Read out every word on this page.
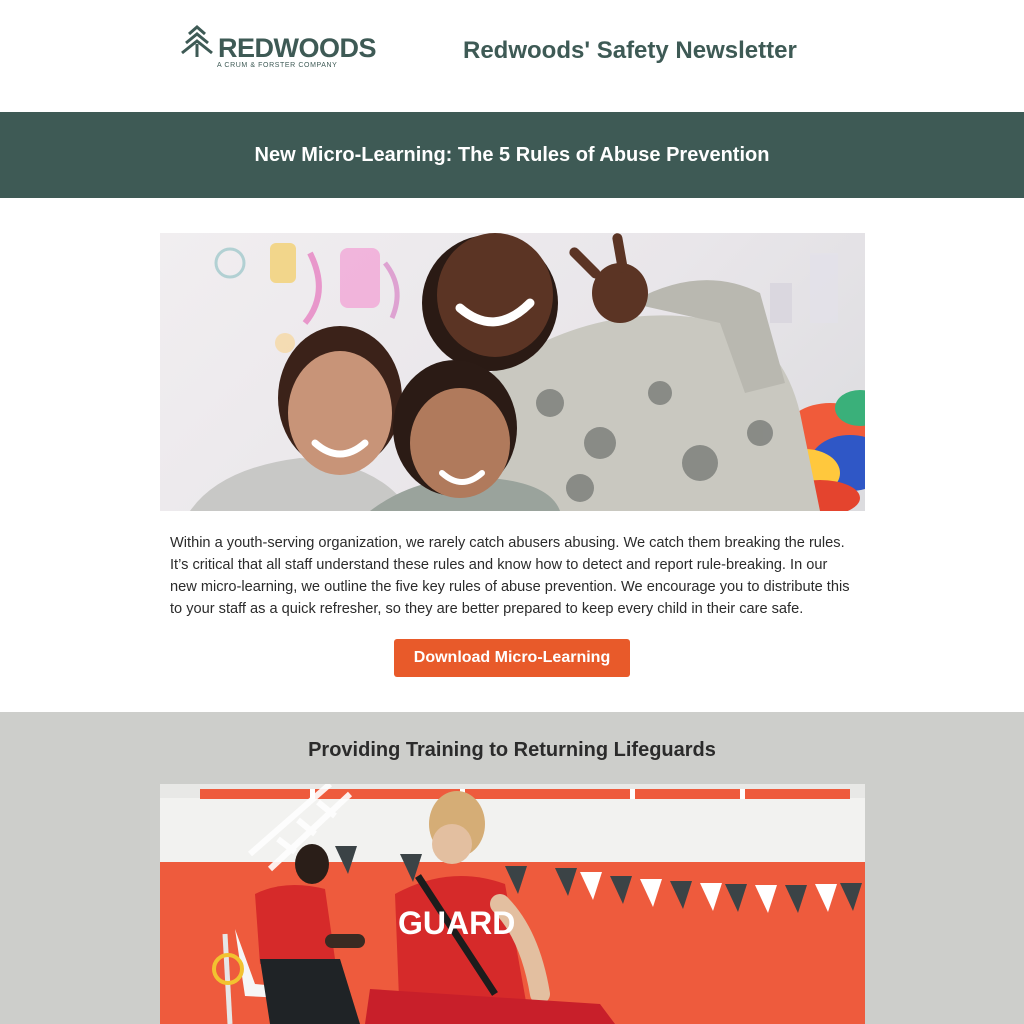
REDWOODS
A CRUM & FORSTER COMPANY
Redwoods' Safety Newsletter
New Micro-Learning: The 5 Rules of Abuse Prevention

Within a youth-serving organization, we rarely catch abusers abusing. We catch them breaking the rules. It’s critical that all staff understand these rules and know how to detect and report rule-breaking. In our new micro-learning, we outline the five key rules of abuse prevention. We encourage you to distribute this to your staff as a quick refresher, so they are better prepared to keep every child in their care safe.

Download Micro-Learning
Providing Training to Returning Lifeguards
GUARD
